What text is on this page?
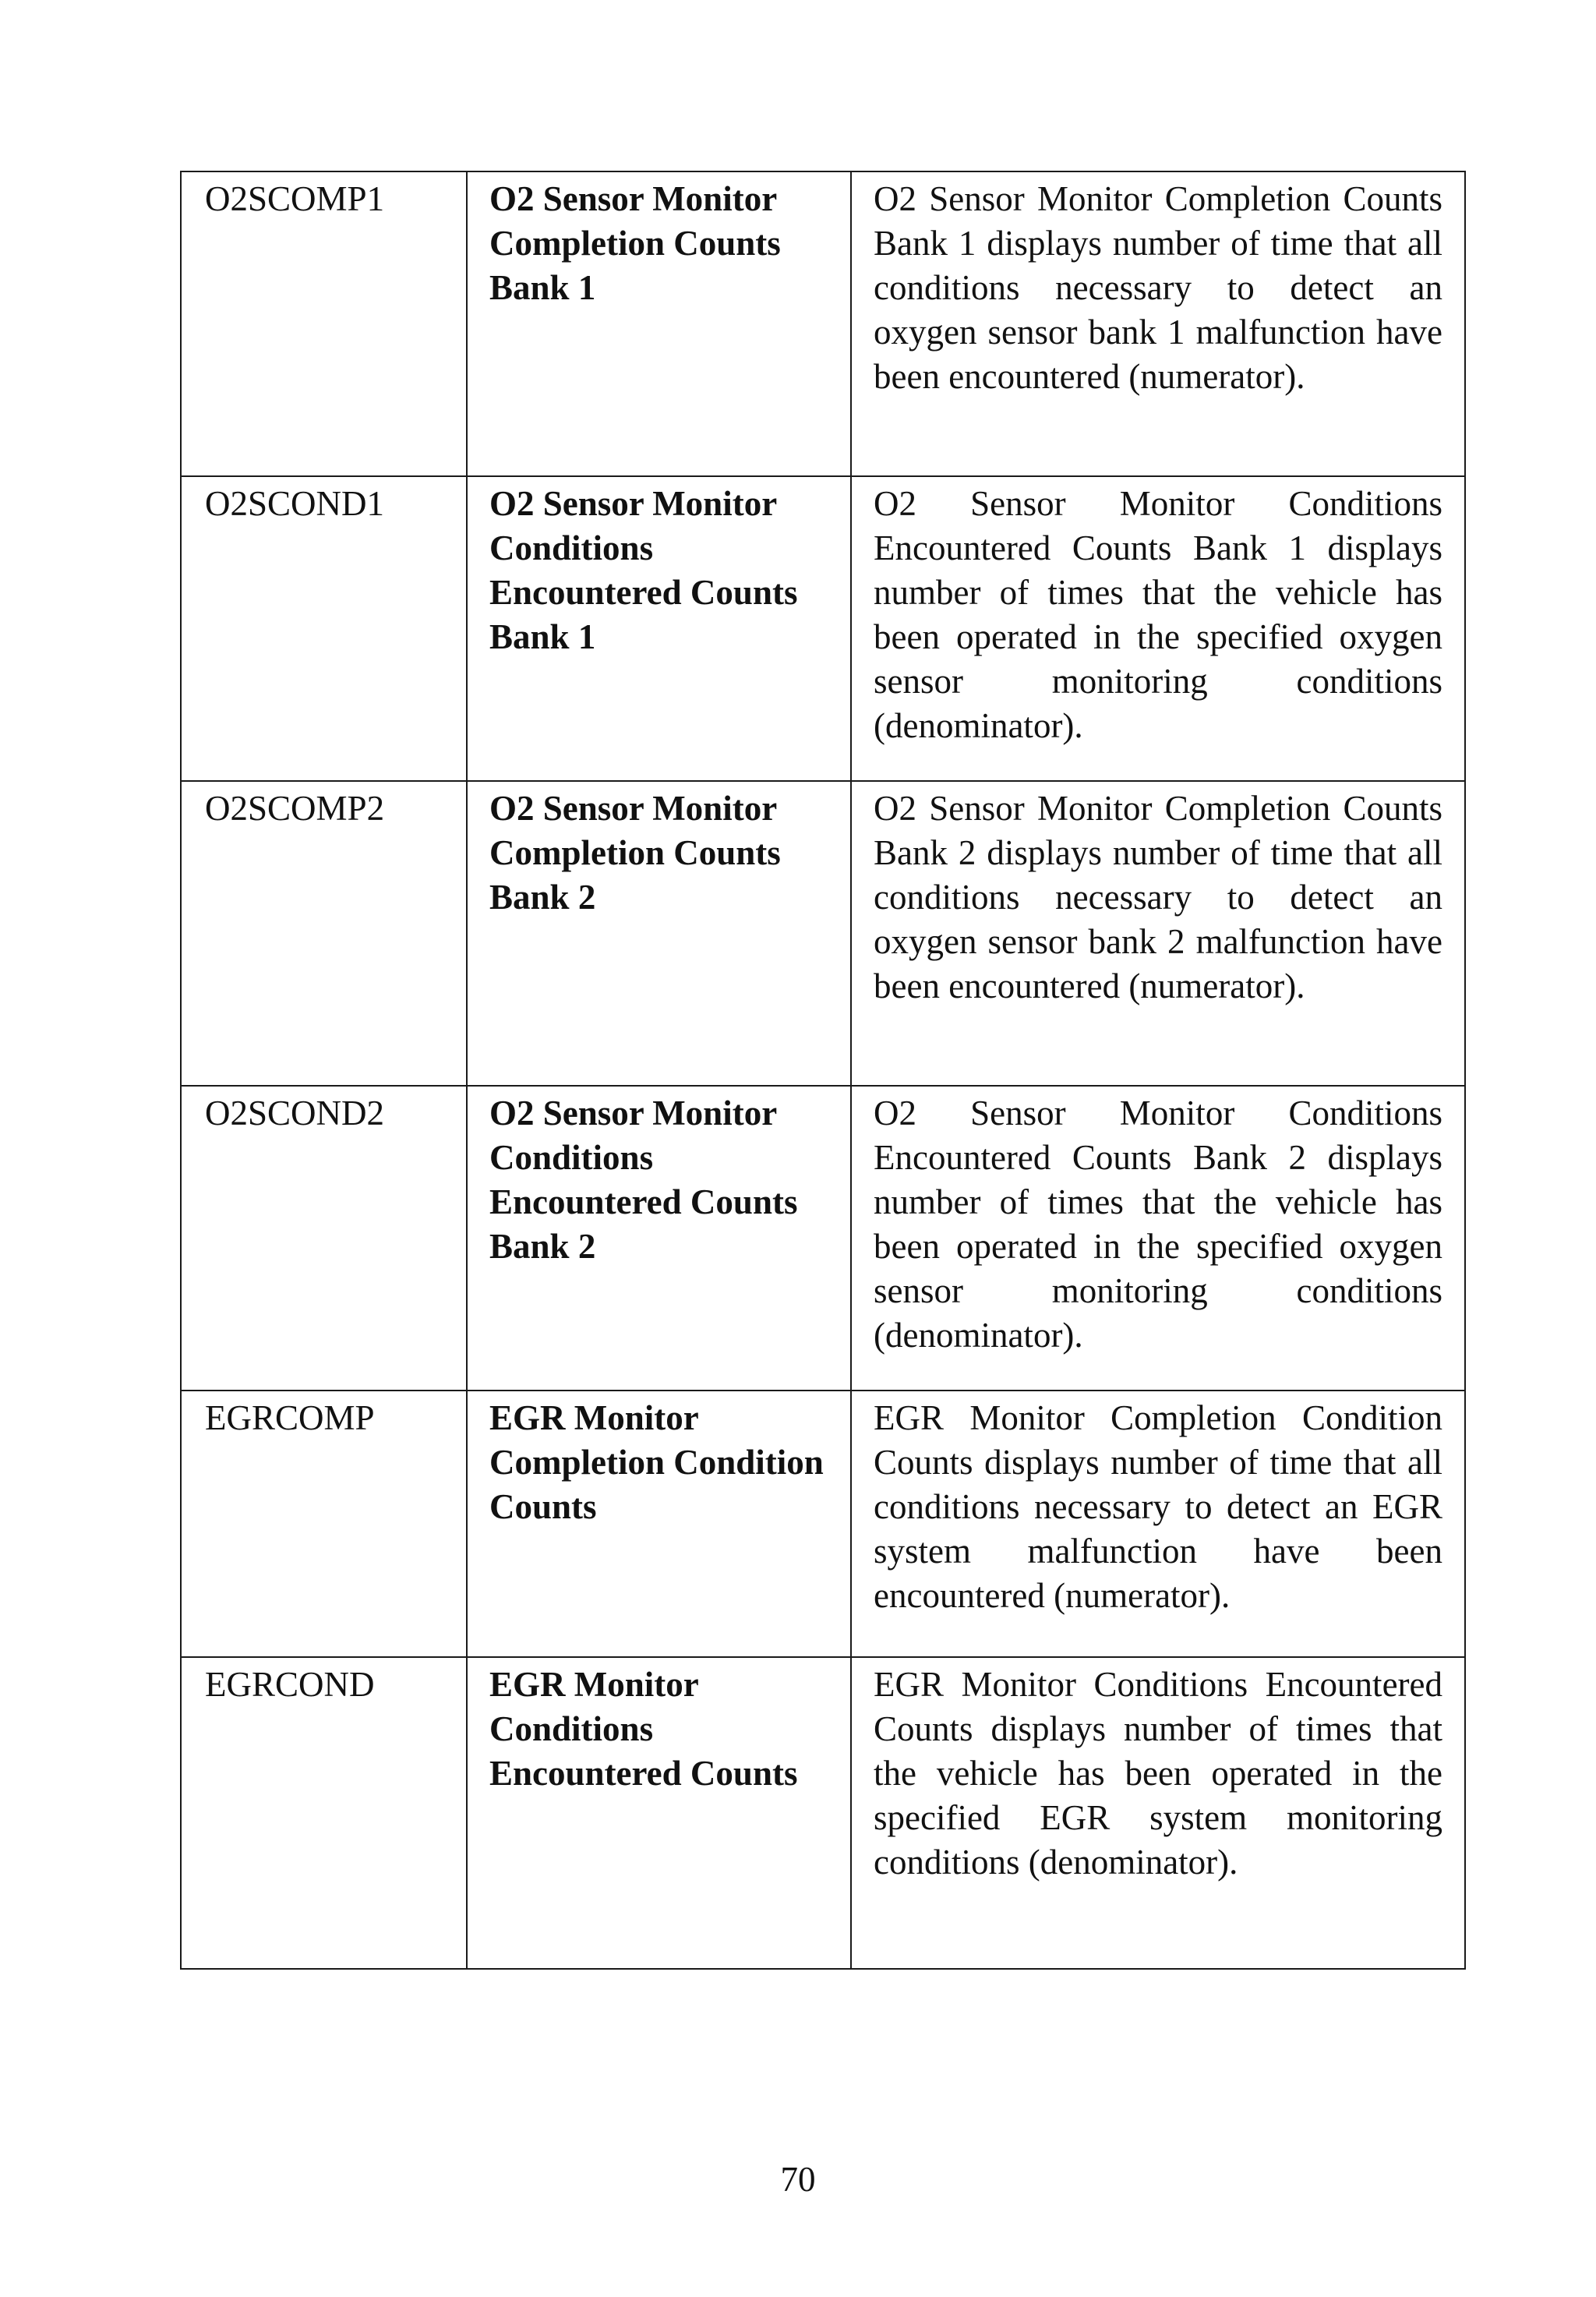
O2SCOMP1	O2 Sensor Monitor Completion Counts Bank 1	O2 Sensor Monitor Completion Counts Bank 1 displays number of time that all conditions necessary to detect an oxygen sensor bank 1 malfunction have been encountered (numerator).
O2SCOND1	O2 Sensor Monitor Conditions Encountered Counts Bank 1	O2 Sensor Monitor Conditions Encountered Counts Bank 1 displays number of times that the vehicle has been operated in the specified oxygen sensor monitoring conditions (denominator).
O2SCOMP2	O2 Sensor Monitor Completion Counts Bank 2	O2 Sensor Monitor Completion Counts Bank 2 displays number of time that all conditions necessary to detect an oxygen sensor bank 2 malfunction have been encountered (numerator).
O2SCOND2	O2 Sensor Monitor Conditions Encountered Counts Bank 2	O2 Sensor Monitor Conditions Encountered Counts Bank 2 displays number of times that the vehicle has been operated in the specified oxygen sensor monitoring conditions (denominator).
EGRCOMP	EGR Monitor Completion Condition Counts	EGR Monitor Completion Condition Counts displays number of time that all conditions necessary to detect an EGR system malfunction have been encountered (numerator).
EGRCOND	EGR Monitor Conditions Encountered Counts	EGR Monitor Conditions Encountered Counts displays number of times that the vehicle has been operated in the specified EGR system monitoring conditions (denominator).
70
